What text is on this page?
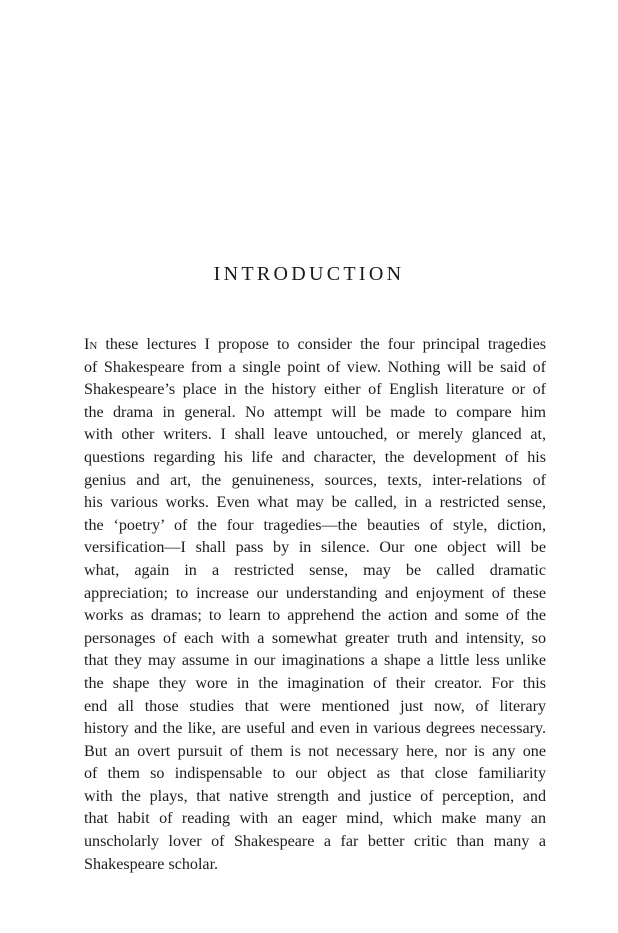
INTRODUCTION
In these lectures I propose to consider the four principal tragedies
of Shakespeare from a single point of view. Nothing will be said of
Shakespeare’s place in the history either of English literature or of
the drama in general. No attempt will be made to compare him
with other writers. I shall leave untouched, or merely glanced at,
questions regarding his life and character, the development of his
genius and art, the genuineness, sources, texts, inter-relations of
his various works. Even what may be called, in a restricted sense,
the ‘poetry’ of the four tragedies—the beauties of style, diction,
versification—I shall pass by in silence. Our one object will be
what, again in a restricted sense, may be called dramatic
appreciation; to increase our understanding and enjoyment of these
works as dramas; to learn to apprehend the action and some of the
personages of each with a somewhat greater truth and intensity, so
that they may assume in our imaginations a shape a little less unlike
the shape they wore in the imagination of their creator. For this
end all those studies that were mentioned just now, of literary
history and the like, are useful and even in various degrees necessary.
But an overt pursuit of them is not necessary here, nor is any one
of them so indispensable to our object as that close familiarity
with the plays, that native strength and justice of perception, and
that habit of reading with an eager mind, which make many an
unscholarly lover of Shakespeare a far better critic than many a
Shakespeare scholar.
